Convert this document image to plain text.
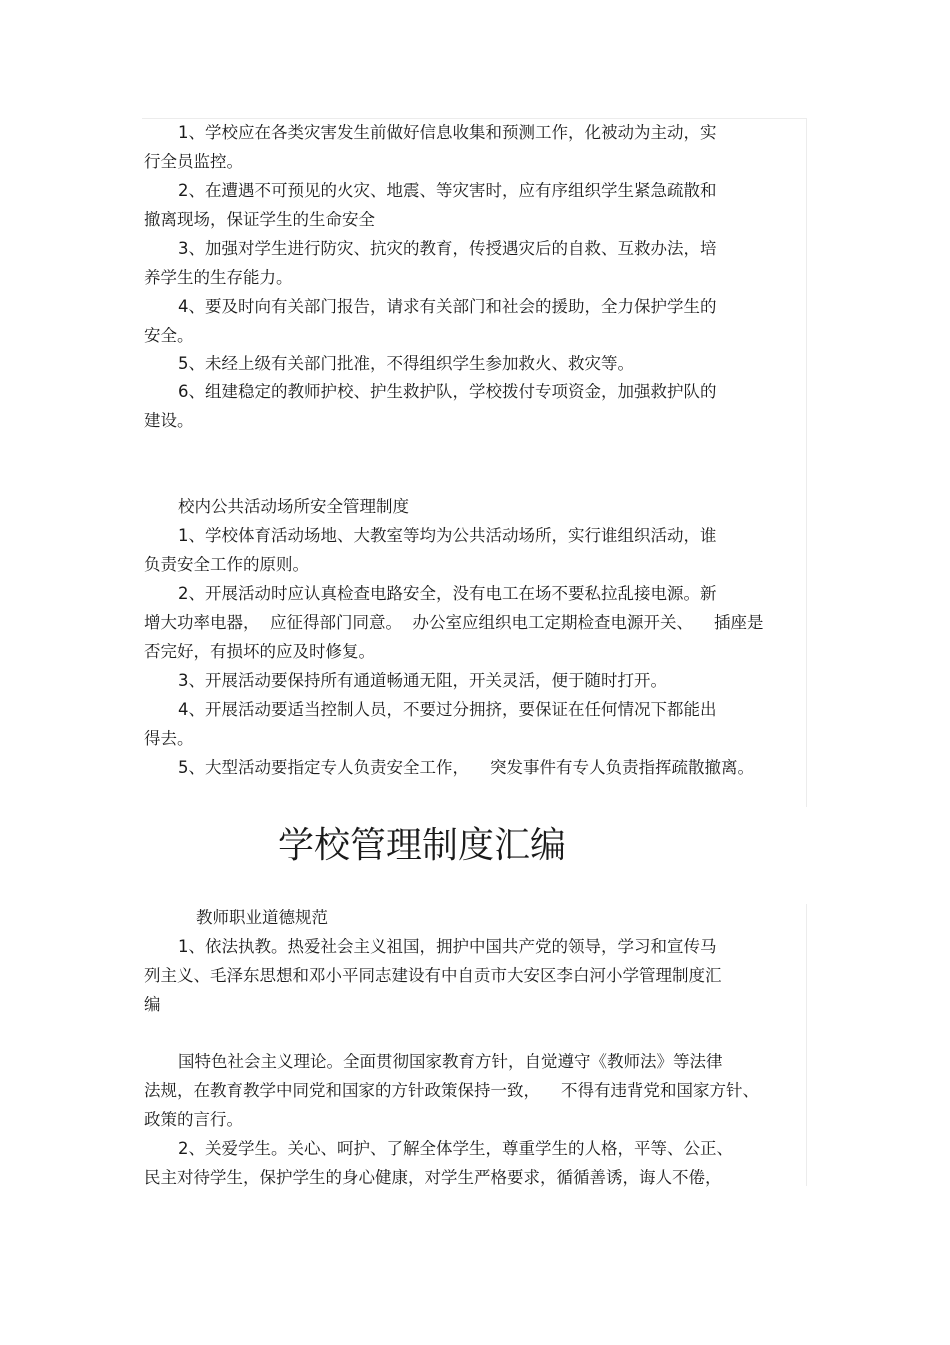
1、学校应在各类灾害发生前做好信息收集和预测工作，化被动为主动，实

行全员监控。

2、在遭遇不可预见的火灾、地震、等灾害时，应有序组织学生紧急疏散和

撤离现场，保证学生的生命安全

3、加强对学生进行防灾、抗灾的教育，传授遇灾后的自救、互救办法，培

养学生的生存能力。

4、要及时向有关部门报告，请求有关部门和社会的援助，全力保护学生的

安全。

5、未经上级有关部门批准，不得组织学生参加救火、救灾等。

6、组建稳定的教师护校、护生救护队，学校拨付专项资金，加强救护队的

建设。

校内公共活动场所安全管理制度

1、学校体育活动场地、大教室等均为公共活动场所，实行谁组织活动，谁

负责安全工作的原则。

2、开展活动时应认真检查电路安全，没有电工在场不要私拉乱接电源。新

增大功率电器，  应征得部门同意。  办公室应组织电工定期检查电源开关、    插座是

否完好，有损坏的应及时修复。

3、开展活动要保持所有通道畅通无阻，开关灵活，便于随时打开。

4、开展活动要适当控制人员，不要过分拥挤，要保证在任何情况下都能出

得去。

5、大型活动要指定专人负责安全工作，    突发事件有专人负责指挥疏散撤离。

学校管理制度汇编

教师职业道德规范

1、依法执教。热爱社会主义祖国，拥护中国共产党的领导，学习和宣传马

列主义、毛泽东思想和邓小平同志建设有中自贡市大安区李白河小学管理制度汇

编

国特色社会主义理论。全面贯彻国家教育方针，自觉遵守《教师法》等法律

法规，在教育教学中同党和国家的方针政策保持一致，    不得有违背党和国家方针、

政策的言行。

2、关爱学生。关心、呵护、了解全体学生，尊重学生的人格，平等、公正、

民主对待学生，保护学生的身心健康，对学生严格要求，循循善诱，诲人不倦，
